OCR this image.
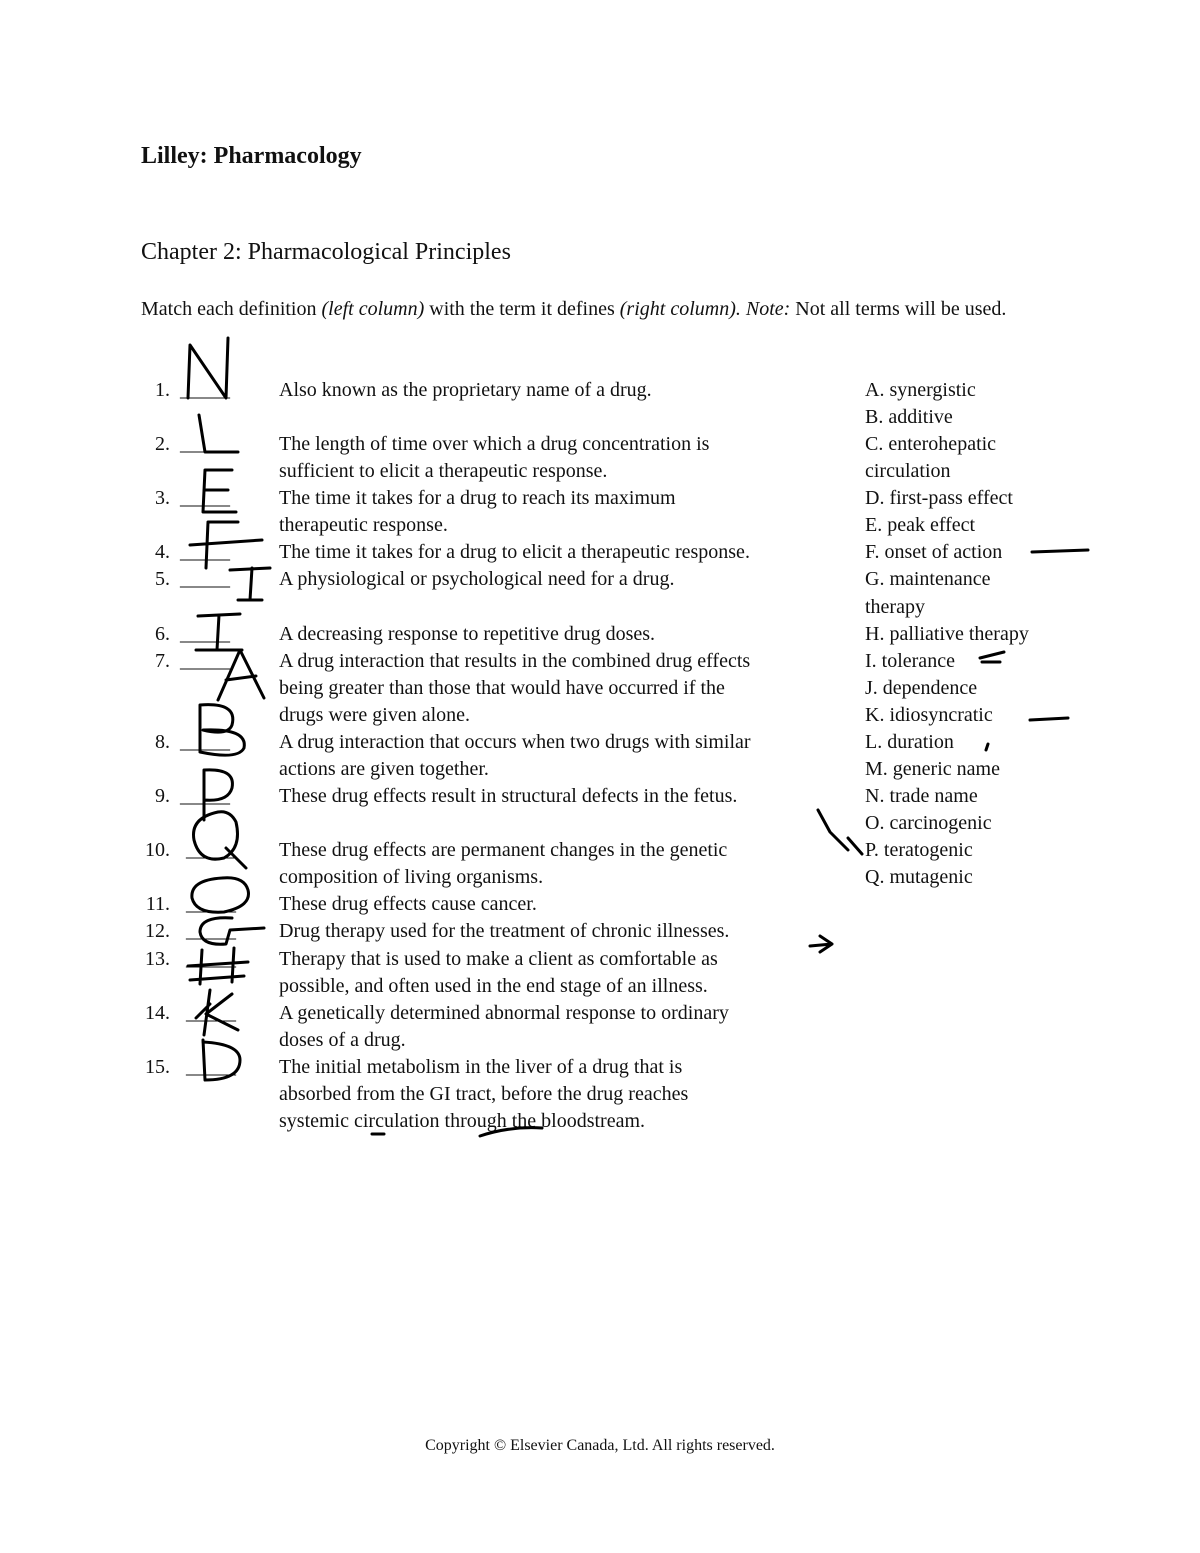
Lilley: Pharmacology
Chapter 2: Pharmacological Principles

Match each definition (left column) with the term it defines (right column). Note: Not all terms will be used.

1. _____ Also known as the proprietary name of a drug.
2. _____ The length of time over which a drug concentration is
sufficient to elicit a therapeutic response.
3. _____ The time it takes for a drug to reach its maximum
therapeutic response.
4. _____ The time it takes for a drug to elicit a therapeutic response.
5. _____ A physiological or psychological need for a drug.
6. _____ A decreasing response to repetitive drug doses.
7. _____ A drug interaction that results in the combined drug effects
being greater than those that would have occurred if the
drugs were given alone.
8. _____ A drug interaction that occurs when two drugs with similar
actions are given together.
9. _____ These drug effects result in structural defects in the fetus.
10. _____ These drug effects are permanent changes in the genetic
composition of living organisms.
11. _____ These drug effects cause cancer.
12. _____ Drug therapy used for the treatment of chronic illnesses.
13. _____ Therapy that is used to make a client as comfortable as
possible, and often used in the end stage of an illness.
14. _____ A genetically determined abnormal response to ordinary
doses of a drug.
15. _____ The initial metabolism in the liver of a drug that is
absorbed from the GI tract, before the drug reaches
systemic circulation through the bloodstream.
A. synergistic
B. additive
C. enterohepatic
circulation
D. first-pass effect
E. peak effect
F. onset of action
G. maintenance
therapy
H. palliative therapy
I. tolerance
J. dependence
K. idiosyncratic
L. duration
M. generic name
N. trade name
O. carcinogenic
P. teratogenic
Q. mutagenic
Copyright © Elsevier Canada, Ltd. All rights reserved.
